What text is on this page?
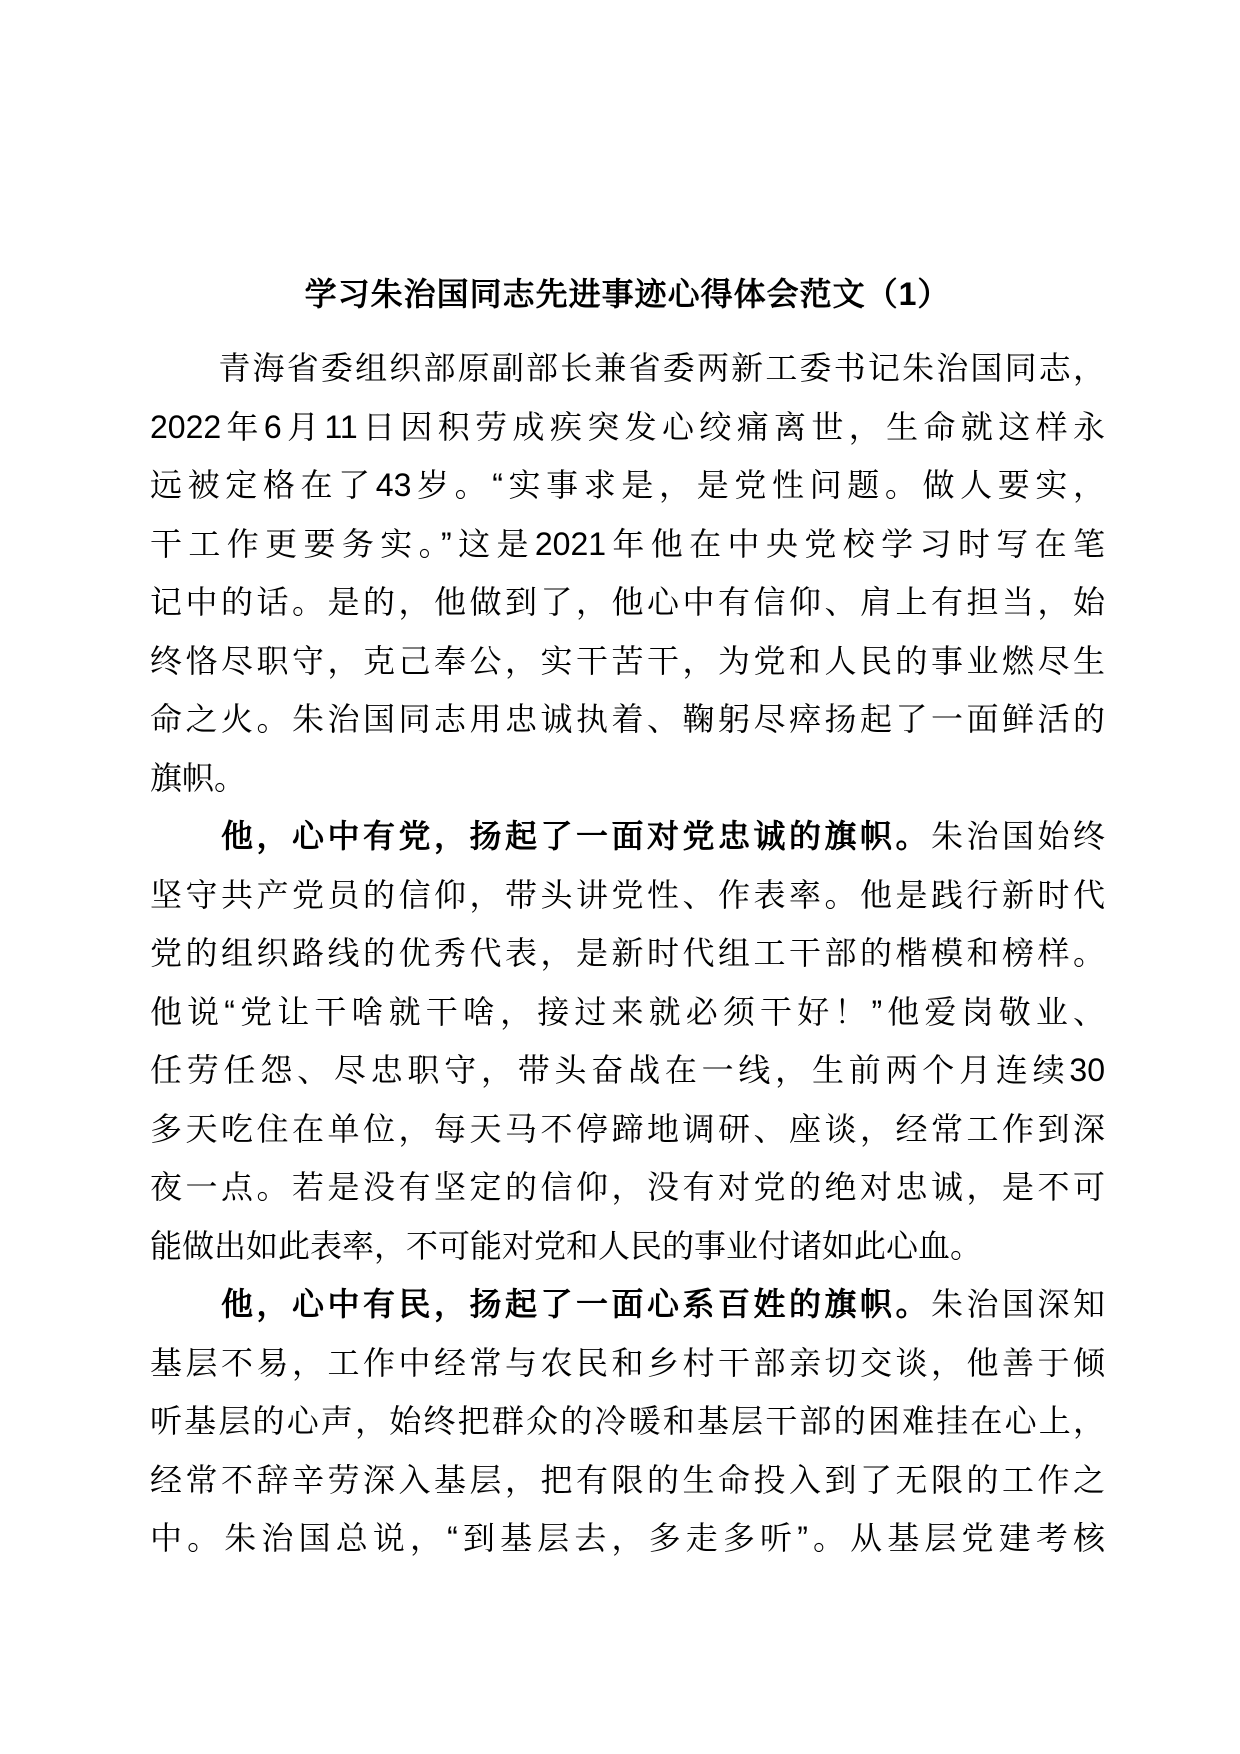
学习朱治国同志先进事迹心得体会范文（1）
　　青海省委组织部原副部长兼省委两新工委书记朱治国同志，
2022年6月11日因积劳成疾突发心绞痛离世，生命就这样永
远被定格在了43岁。“实事求是，是党性问题。做人要实，
干工作更要务实。”这是2021年他在中央党校学习时写在笔
记中的话。是的，他做到了，他心中有信仰、肩上有担当，始
终恪尽职守，克己奉公，实干苦干，为党和人民的事业燃尽生
命之火。朱治国同志用忠诚执着、鞠躬尽瘁扬起了一面鲜活的
旗帜。
　　他，心中有党，扬起了一面对党忠诚的旗帜。朱治国始终
坚守共产党员的信仰，带头讲党性、作表率。他是践行新时代
党的组织路线的优秀代表，是新时代组工干部的楷模和榜样。
他说“党让干啥就干啥，接过来就必须干好！”他爱岗敬业、
任劳任怨、尽忠职守，带头奋战在一线，生前两个月连续30
多天吃住在单位，每天马不停蹄地调研、座谈，经常工作到深
夜一点。若是没有坚定的信仰，没有对党的绝对忠诚，是不可
能做出如此表率，不可能对党和人民的事业付诸如此心血。
　　他，心中有民，扬起了一面心系百姓的旗帜。朱治国深知
基层不易，工作中经常与农民和乡村干部亲切交谈，他善于倾
听基层的心声，始终把群众的冷暖和基层干部的困难挂在心上，
经常不辞辛劳深入基层，把有限的生命投入到了无限的工作之
中。朱治国总说，“到基层去，多走多听”。从基层党建考核
